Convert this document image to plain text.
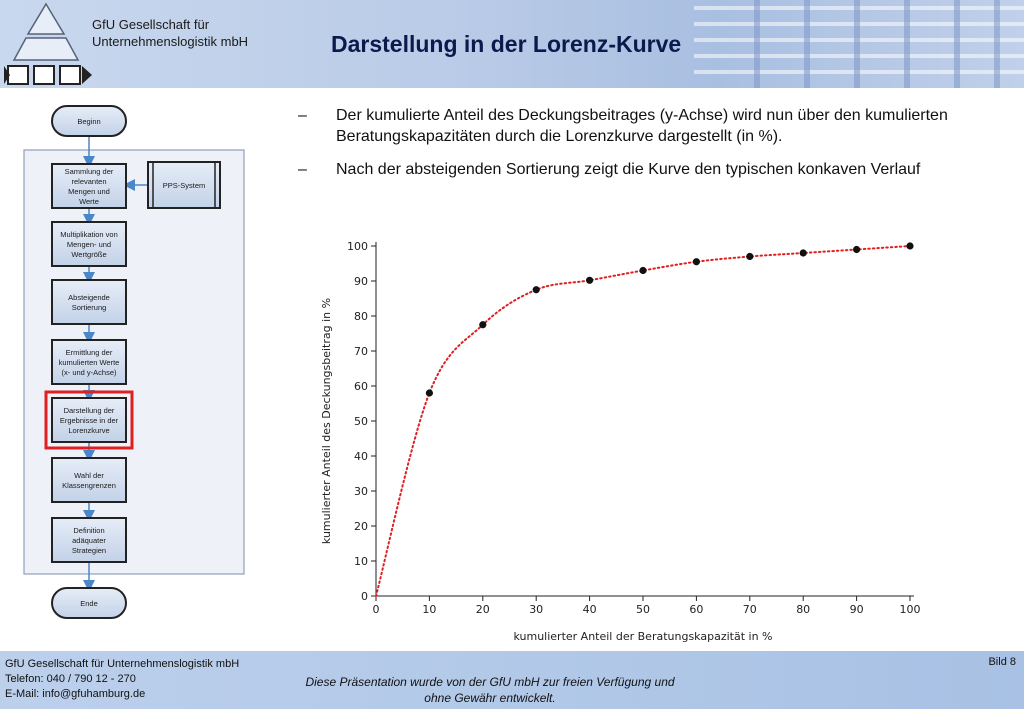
GfU Gesellschaft für
Unternehmenslogistik mbH	Darstellung in der Lorenz-Kurve
Beginn
Sammlung der
relevanten
Mengen und
Werte
Multiplikation von
Mengen- und
Wertgröße
Absteigende
Sortierung
Ermittlung der
kumulierten Werte
(x- und y-Achse)
Darstellung der
Ergebnisse in der
Lorenzkurve
Wahl der
Klassengrenzen
Definition
adäquater
Strategien
Ende
PPS-System
–	Der kumulierte Anteil des Deckungsbeitrages (y-Achse) wird nun über den kumulierten Beratungskapazitäten durch die Lorenzkurve dargestellt (in %).
–	Nach der absteigenden Sortierung zeigt die Kurve den typischen konkaven Verlauf
0	10	20	30	40	50	60	70	80	90	100
0
10
20
30
40
50
60
70
80
90
100
kumulierter Anteil der Beratungskapazität in %
kumulierter Anteil des Deckungsbeitrag in %
GfU Gesellschaft für Unternehmenslogistik mbH
Telefon: 040 / 790 12 - 270
E-Mail: info@gfuhamburg.de
Diese Präsentation wurde von der GfU mbH zur freien Verfügung und
ohne Gewähr entwickelt.
Bild 8
